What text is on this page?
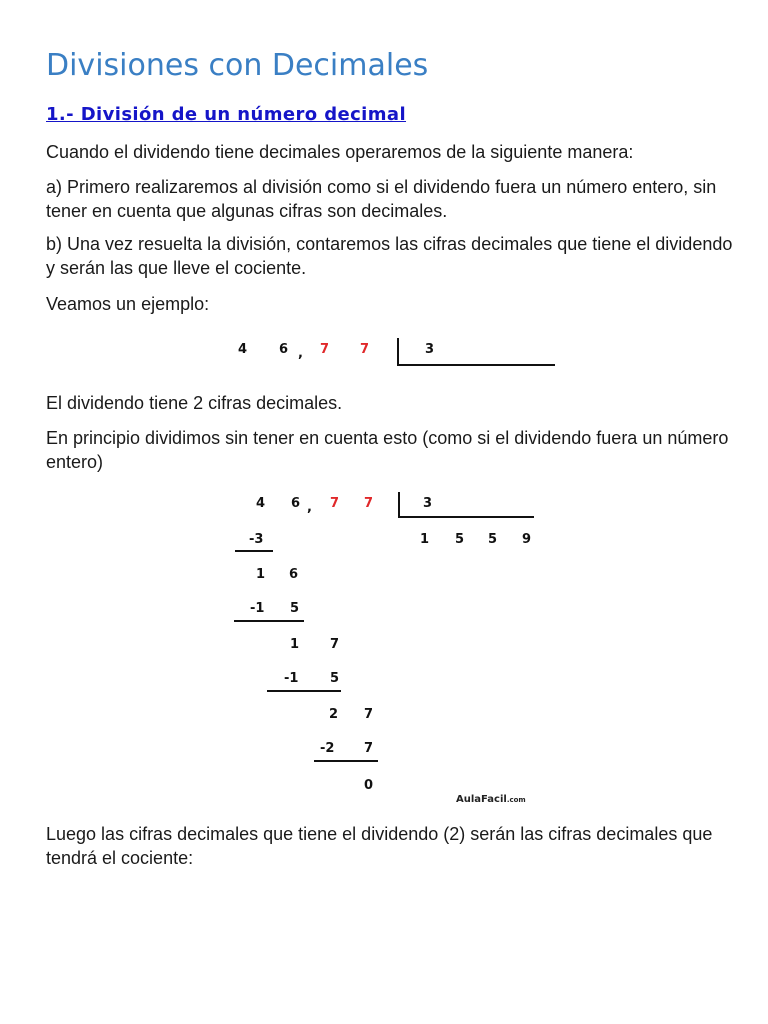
Divisiones con Decimales
1.- División de un número decimal

Cuando el dividendo tiene decimales operaremos de la siguiente manera:

a) Primero realizaremos al división como si el dividendo fuera un número entero, sin tener en cuenta que algunas cifras son decimales.

b) Una vez resuelta la división, contaremos las cifras decimales que tiene el dividendo y serán las que lleve el cociente.

Veamos un ejemplo:

4 6 , 7 7	3

El dividendo tiene 2 cifras decimales.

En principio dividimos sin tener en cuenta esto (como si el dividendo fuera un número entero)

4 6 , 7 7	3
1 5 5 9
-3
1 6
-1 5
1 7
-1 5
2 7
-2 7
0
AulaFacil.com

Luego las cifras decimales que tiene el dividendo (2) serán las cifras decimales que tendrá el cociente:
